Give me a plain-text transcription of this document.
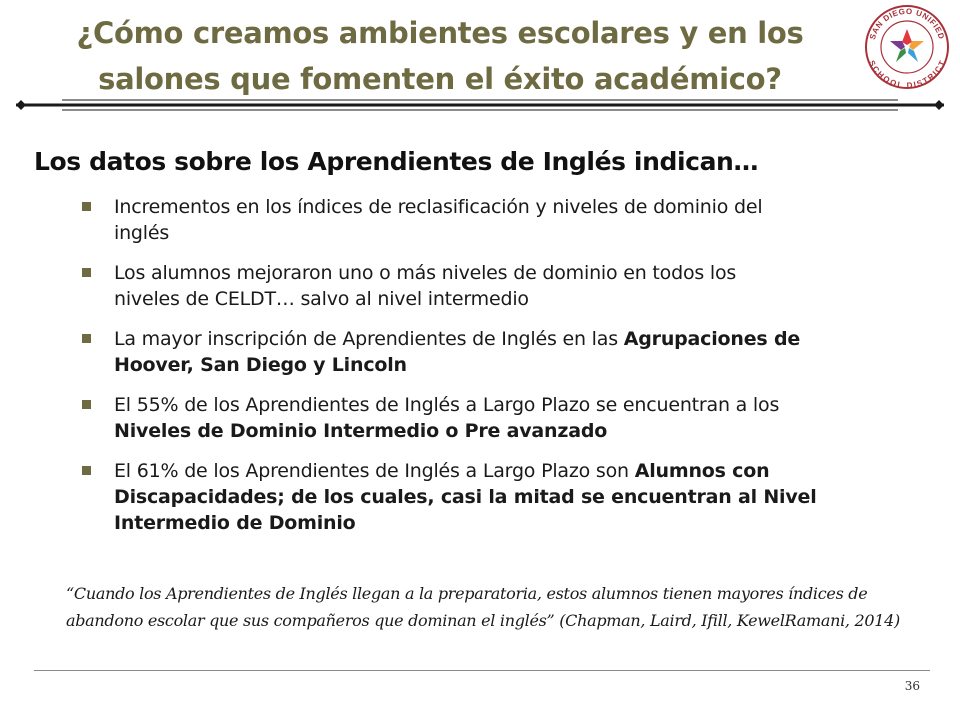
¿Cómo creamos ambientes escolares y en los
salones que fomenten el éxito académico?
SAN DIEGO UNIFIED
SCHOOL DISTRICT
Los datos sobre los Aprendientes de Inglés indican…
Incrementos en los índices de reclasificación y niveles de dominio del
inglés
Los alumnos mejoraron uno o más niveles de dominio en todos los
niveles de CELDT… salvo al nivel intermedio
La mayor inscripción de Aprendientes de Inglés en las Agrupaciones de
Hoover, San Diego y Lincoln
El 55% de los Aprendientes de Inglés a Largo Plazo se encuentran a los
Niveles de Dominio Intermedio o Pre avanzado
El 61% de los Aprendientes de Inglés a Largo Plazo son Alumnos con
Discapacidades; de los cuales, casi la mitad se encuentran al Nivel
Intermedio de Dominio
“Cuando los Aprendientes de Inglés llegan a la preparatoria, estos alumnos tienen mayores índices de
abandono escolar que sus compañeros que dominan el inglés” (Chapman, Laird, Ifill, KewelRamani, 2014)
36
